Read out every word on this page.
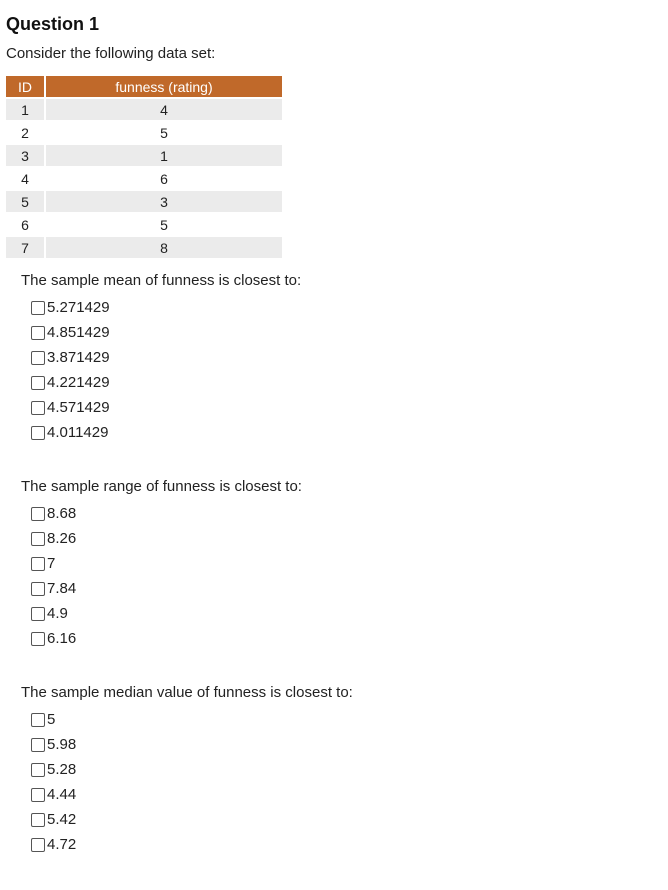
Question 1
Consider the following data set:
ID	funness (rating)
1	4
2	5
3	1
4	6
5	3
6	5
7	8

The sample mean of funness is closest to:

5.271429
4.851429
3.871429
4.221429
4.571429
4.011429

The sample range of funness is closest to:

8.68
8.26
7
7.84
4.9
6.16

The sample median value of funness is closest to:

5
5.98
5.28
4.44
5.42
4.72
